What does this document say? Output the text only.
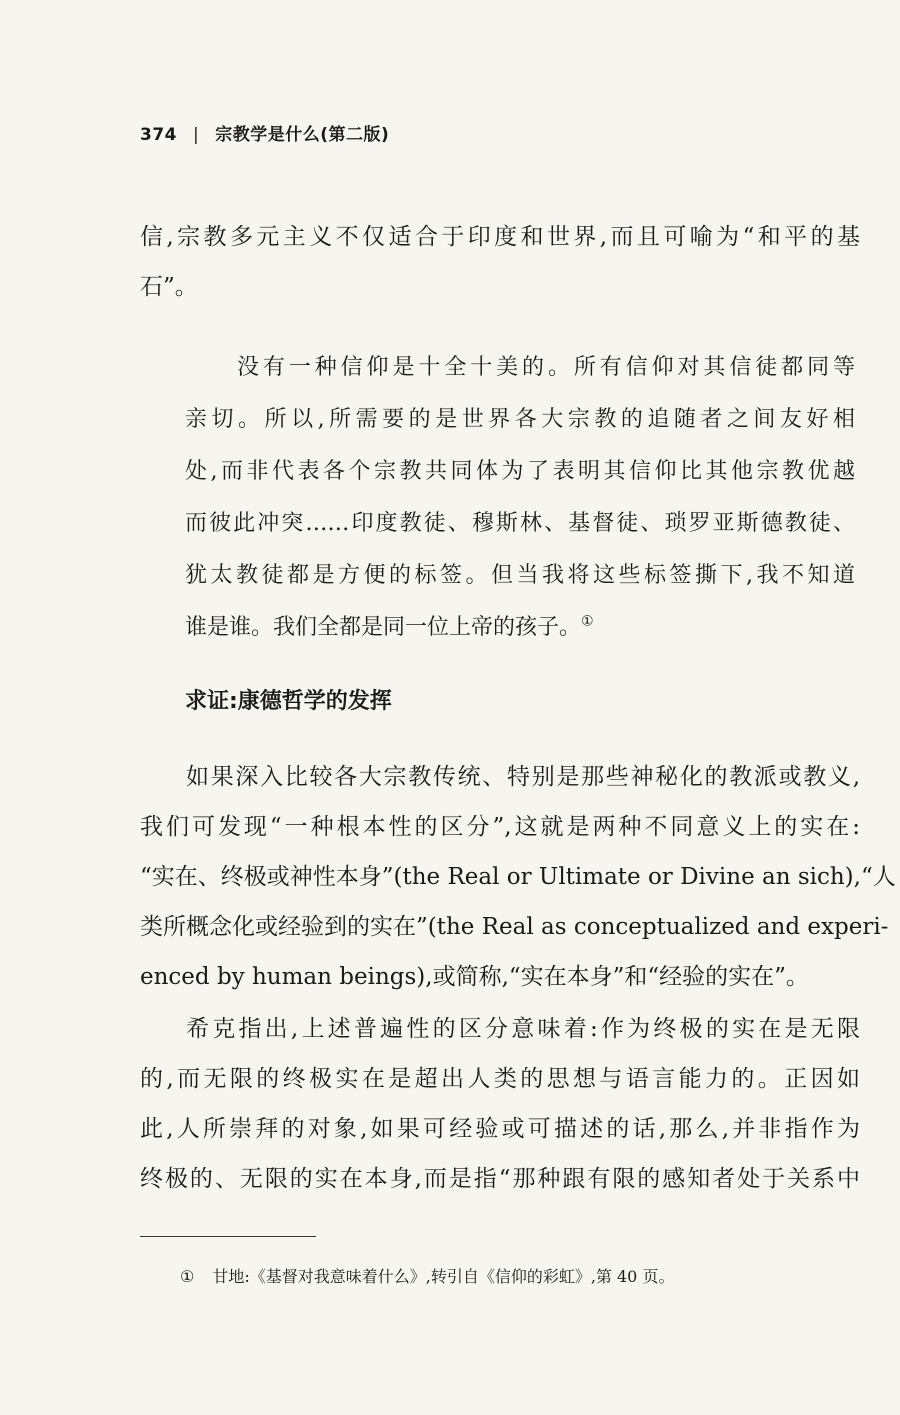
374 | 宗教学是什么(第二版)
信,宗教多元主义不仅适合于印度和世界,而且可喻为“和平的基
石”。
没有一种信仰是十全十美的。所有信仰对其信徒都同等
亲切。所以,所需要的是世界各大宗教的追随者之间友好相
处,而非代表各个宗教共同体为了表明其信仰比其他宗教优越
而彼此冲突……印度教徒、穆斯林、基督徒、琐罗亚斯德教徒、
犹太教徒都是方便的标签。但当我将这些标签撕下,我不知道
谁是谁。我们全都是同一位上帝的孩子。①
求证:康德哲学的发挥
如果深入比较各大宗教传统、特别是那些神秘化的教派或教义,
我们可发现“一种根本性的区分”,这就是两种不同意义上的实在:
“实在、终极或神性本身”(the Real or Ultimate or Divine an sich),“人
类所概念化或经验到的实在”(the Real as conceptualized and experi-
enced by human beings),或简称,“实在本身”和“经验的实在”。
希克指出,上述普遍性的区分意味着:作为终极的实在是无限
的,而无限的终极实在是超出人类的思想与语言能力的。正因如
此,人所崇拜的对象,如果可经验或可描述的话,那么,并非指作为
终极的、无限的实在本身,而是指“那种跟有限的感知者处于关系中
① 甘地:《基督对我意味着什么》,转引自《信仰的彩虹》,第 40 页。
